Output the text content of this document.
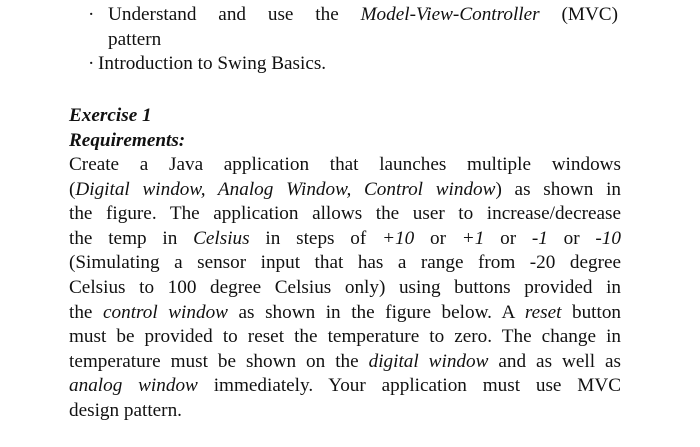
· Understand and use the Model-View-Controller (MVC)
pattern
· Introduction to Swing Basics.

Exercise 1

Requirements:

Create a Java application that launches multiple windows
(Digital window, Analog Window, Control window) as shown in
the figure. The application allows the user to increase/decrease
the temp in Celsius in steps of +10 or +1 or -1 or -10
(Simulating a sensor input that has a range from -20 degree
Celsius to 100 degree Celsius only) using buttons provided in
the control window as shown in the figure below. A reset button
must be provided to reset the temperature to zero. The change in
temperature must be shown on the digital window and as well as
analog window immediately. Your application must use MVC
design pattern.
